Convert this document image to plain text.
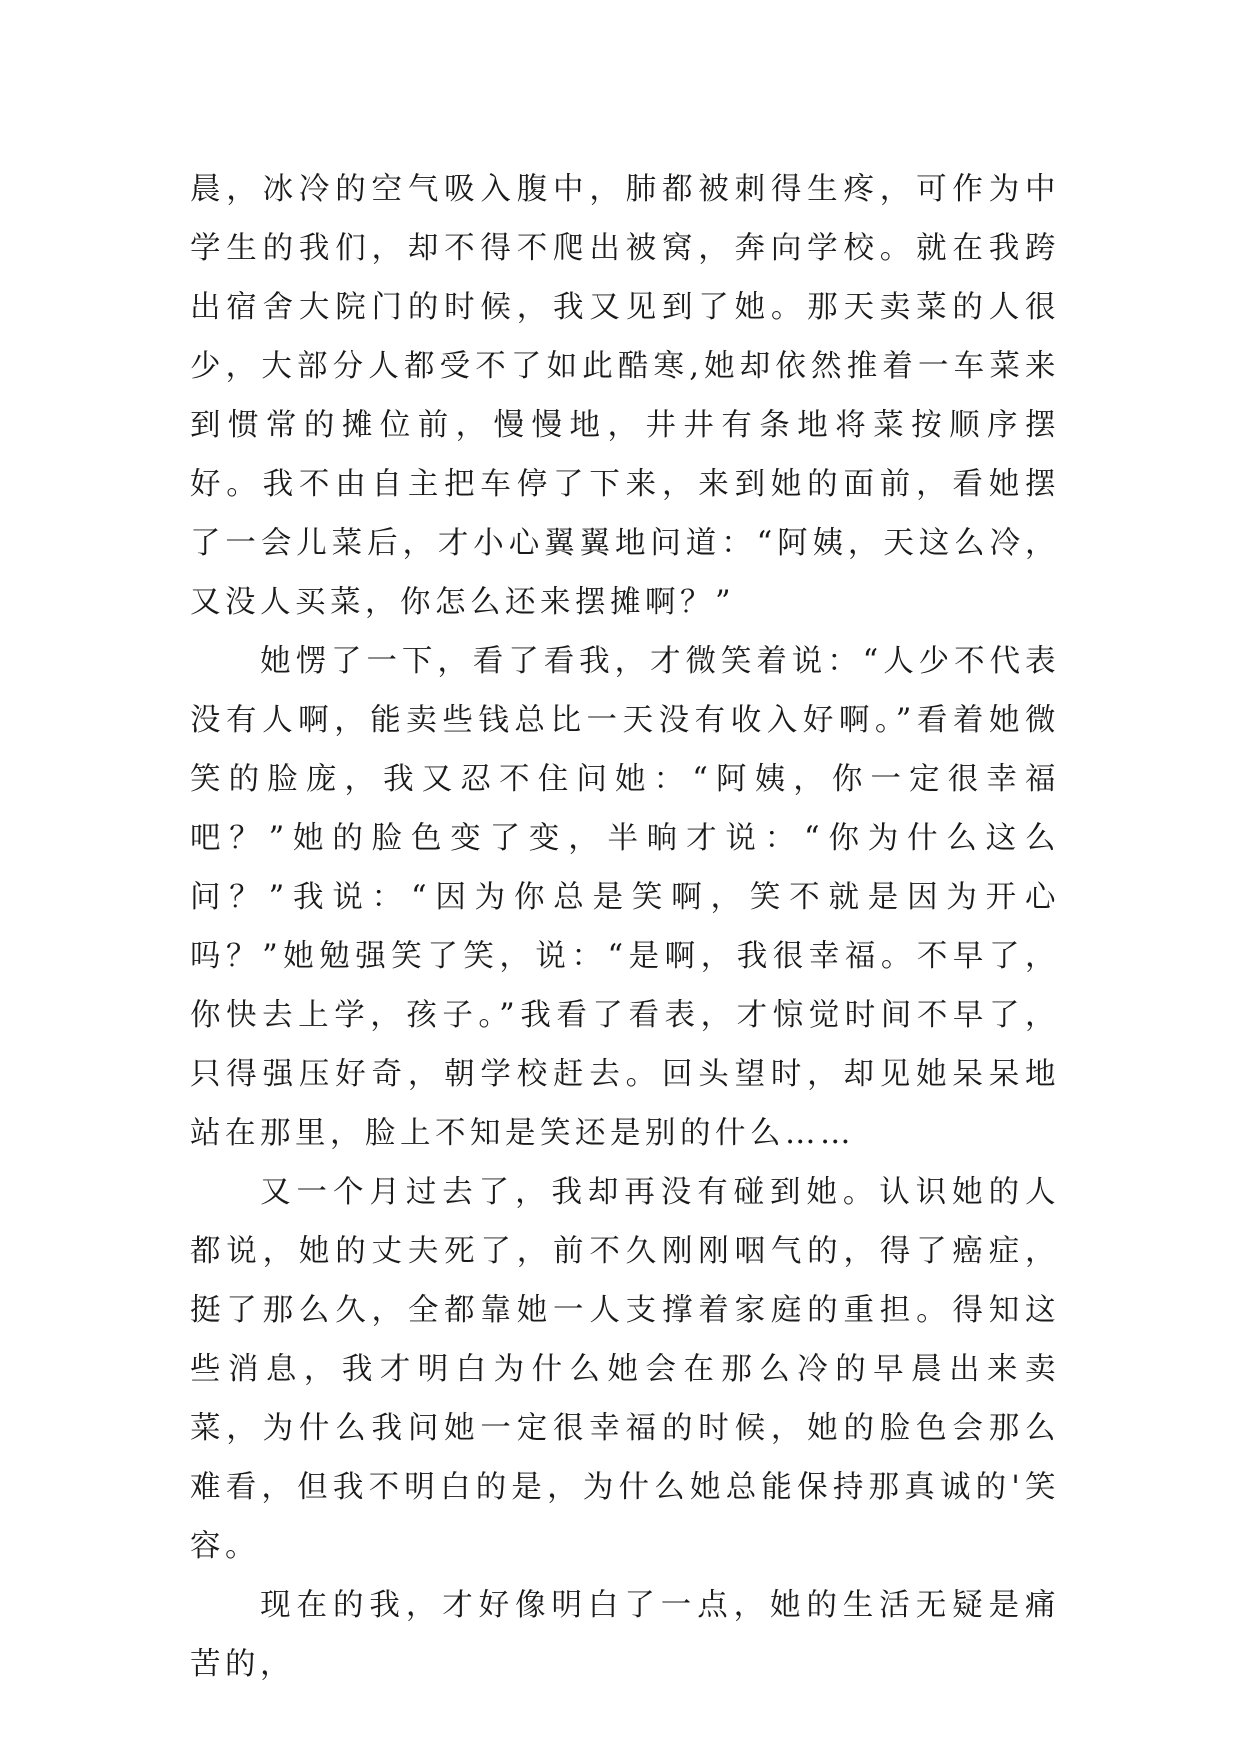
晨，冰冷的空气吸入腹中，肺都被刺得生疼，可作为中学生的我们，却不得不爬出被窝，奔向学校。就在我跨出宿舍大院门的时候，我又见到了她。那天卖菜的人很少，大部分人都受不了如此酷寒,她却依然推着一车菜来到惯常的摊位前，慢慢地，井井有条地将菜按顺序摆好。我不由自主把车停了下来，来到她的面前，看她摆了一会儿菜后，才小心翼翼地问道：“阿姨，天这么冷，又没人买菜，你怎么还来摆摊啊？”

她愣了一下，看了看我，才微笑着说：“人少不代表没有人啊，能卖些钱总比一天没有收入好啊。”看着她微笑的脸庞，我又忍不住问她：“阿姨，你一定很幸福吧？”她的脸色变了变，半晌才说：“你为什么这么问？”我说：“因为你总是笑啊，笑不就是因为开心吗？”她勉强笑了笑，说：“是啊，我很幸福。不早了，你快去上学，孩子。”我看了看表，才惊觉时间不早了，只得强压好奇，朝学校赶去。回头望时，却见她呆呆地站在那里，脸上不知是笑还是别的什么……

又一个月过去了，我却再没有碰到她。认识她的人都说，她的丈夫死了，前不久刚刚咽气的，得了癌症，挺了那么久，全都靠她一人支撑着家庭的重担。得知这些消息，我才明白为什么她会在那么冷的早晨出来卖菜，为什么我问她一定很幸福的时候，她的脸色会那么难看，但我不明白的是，为什么她总能保持那真诚的'笑容。

现在的我，才好像明白了一点，她的生活无疑是痛苦的，
